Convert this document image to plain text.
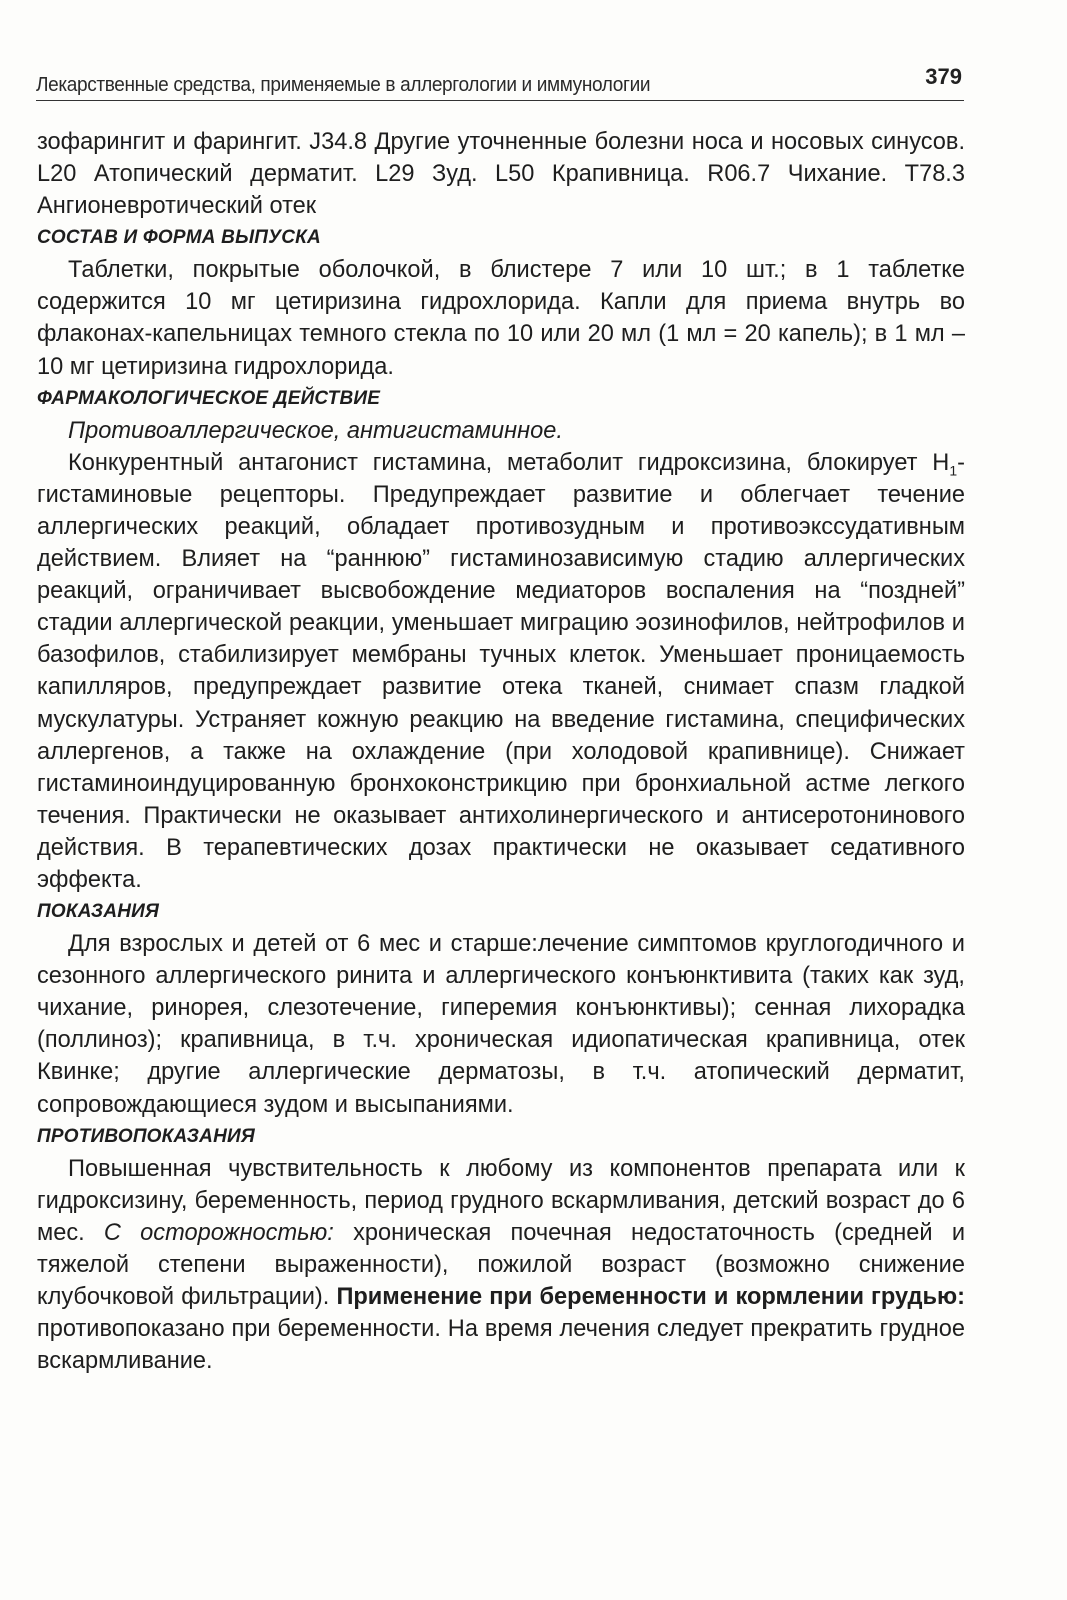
Лекарственные средства, применяемые в аллергологии и иммунологии	379

зофарингит и фарингит. J34.8 Другие уточненные болезни носа и носовых синусов. L20 Атопический дерматит. L29 Зуд. L50 Крапивница. R06.7 Чихание. T78.3 Ангионевротический отек

СОСТАВ И ФОРМА ВЫПУСКА

Таблетки, покрытые оболочкой, в блистере 7 или 10 шт.; в 1 таблетке содержится 10 мг цетиризина гидрохлорида. Капли для приема внутрь во флаконах-капельницах темного стекла по 10 или 20 мл (1 мл = 20 капель); в 1 мл – 10 мг цетиризина гидрохлорида.

ФАРМАКОЛОГИЧЕСКОЕ ДЕЙСТВИЕ

Противоаллергическое, антигистаминное.

Конкурентный антагонист гистамина, метаболит гидроксизина, блокирует $H_1$-гистаминовые рецепторы. Предупреждает развитие и облегчает течение аллергических реакций, обладает противозудным и противоэкссудативным действием. Влияет на “раннюю” гистаминозависимую стадию аллергических реакций, ограничивает высвобождение медиаторов воспаления на “поздней” стадии аллергической реакции, уменьшает миграцию эозинофилов, нейтрофилов и базофилов, стабилизирует мембраны тучных клеток. Уменьшает проницаемость капилляров, предупреждает развитие отека тканей, снимает спазм гладкой мускулатуры. Устраняет кожную реакцию на введение гистамина, специфических аллергенов, а также на охлаждение (при холодовой крапивнице). Снижает гистаминоиндуцированную бронхоконстрикцию при бронхиальной астме легкого течения. Практически не оказывает антихолинергического и антисеротонинового действия. В терапевтических дозах практически не оказывает седативного эффекта.

ПОКАЗАНИЯ

Для взрослых и детей от 6 мес и старше:лечение симптомов круглогодичного и сезонного аллергического ринита и аллергического конъюнктивита (таких как зуд, чихание, ринорея, слезотечение, гиперемия конъюнктивы); сенная лихорадка (поллиноз); крапивница, в т.ч. хроническая идиопатическая крапивница, отек Квинке; другие аллергические дерматозы, в т.ч. атопический дерматит, сопровождающиеся зудом и высыпаниями.

ПРОТИВОПОКАЗАНИЯ

Повышенная чувствительность к любому из компонентов препарата или к гидроксизину, беременность, период грудного вскармливания, детский возраст до 6 мес. С осторожностью: хроническая почечная недостаточность (средней и тяжелой степени выраженности), пожилой возраст (возможно снижение клубочковой фильтрации). Применение при беременности и кормлении грудью: противопоказано при беременности. На время лечения следует прекратить грудное вскармливание.
